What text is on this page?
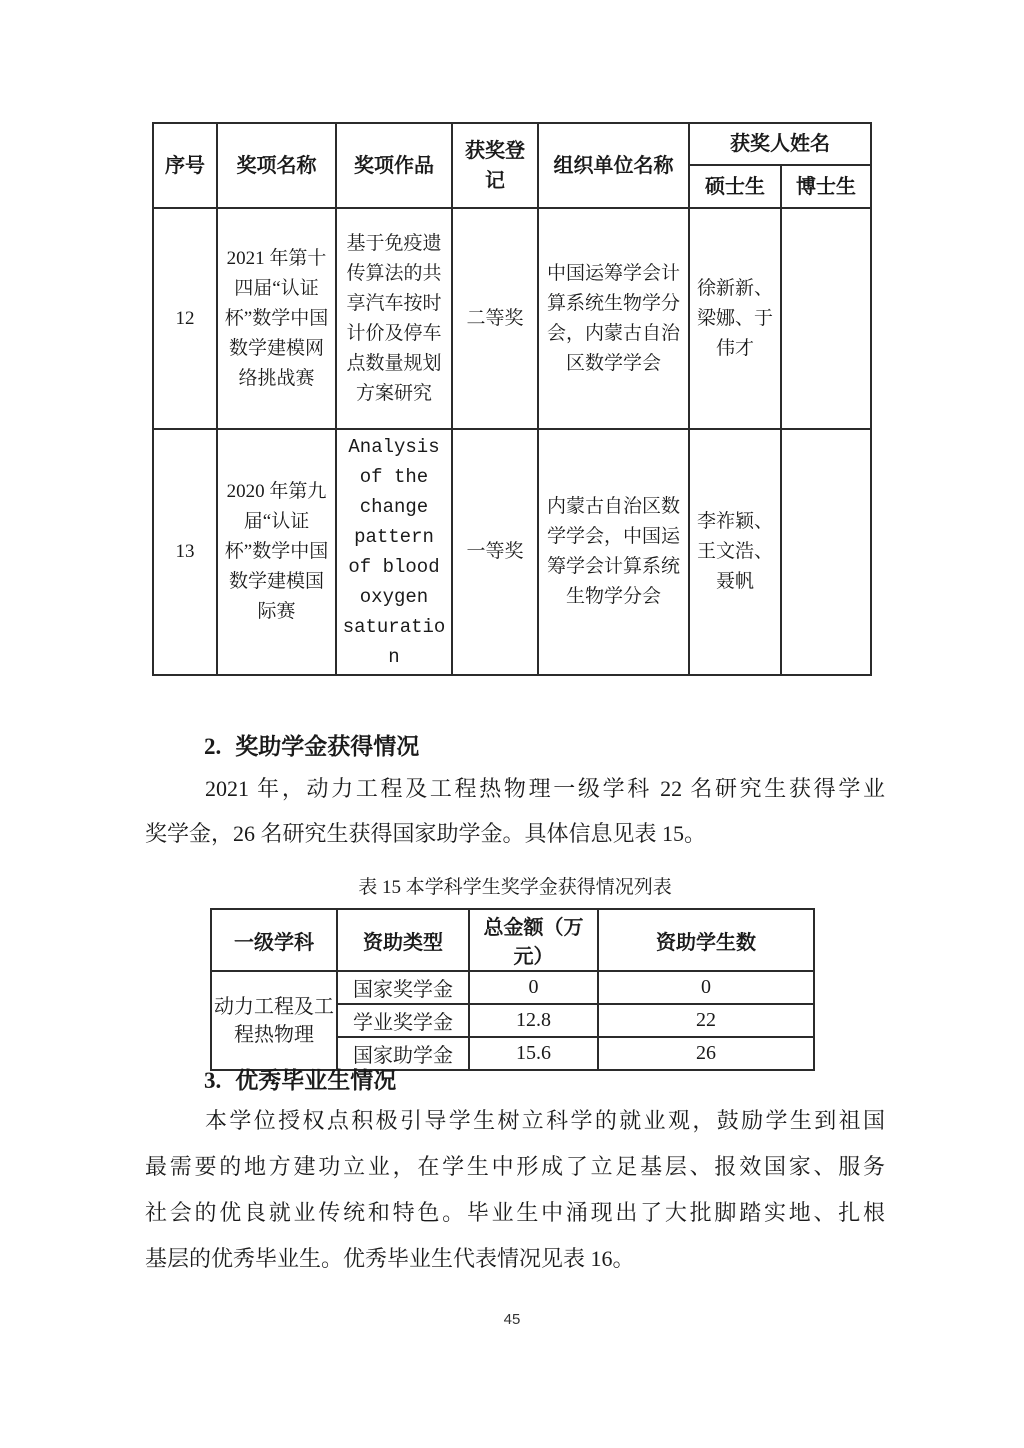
序号	奖项名称	奖项作品	获奖登记	组织单位名称	获奖人姓名	
					硕士生	博士生
12	2021 年第十四届“认证杯”数学中国数学建模网络挑战赛	基于免疫遗传算法的共享汽车按时计价及停车点数量规划 方案研究	二等奖	中国运筹学会计算系统生物学分会，内蒙古自治区数学学会	徐新新、梁娜、于伟才	
13	2020 年第九届“认证杯”数学中国数学建模国际赛	Analysis of the change pattern of blood oxygen saturation	一等奖	内蒙古自治区数学学会，中国运筹学会计算系统生物学分会	李祚颖、王文浩、聂帆	
2. 奖助学金获得情况
2021 年，动力工程及工程热物理一级学科 22 名研究生获得学业
奖学金，26 名研究生获得国家助学金。具体信息见表 15。
表 15 本学科学生奖学金获得情况列表
一级学科	资助类型	总金额（万元）	资助学生数
动力工程及工程热物理	国家奖学金	0	0
	学业奖学金	12.8	22
	国家助学金	15.6	26
3. 优秀毕业生情况
本学位授权点积极引导学生树立科学的就业观，鼓励学生到祖国
最需要的地方建功立业，在学生中形成了立足基层、报效国家、服务
社会的优良就业传统和特色。毕业生中涌现出了大批脚踏实地、扎根
基层的优秀毕业生。优秀毕业生代表情况见表 16。
45
